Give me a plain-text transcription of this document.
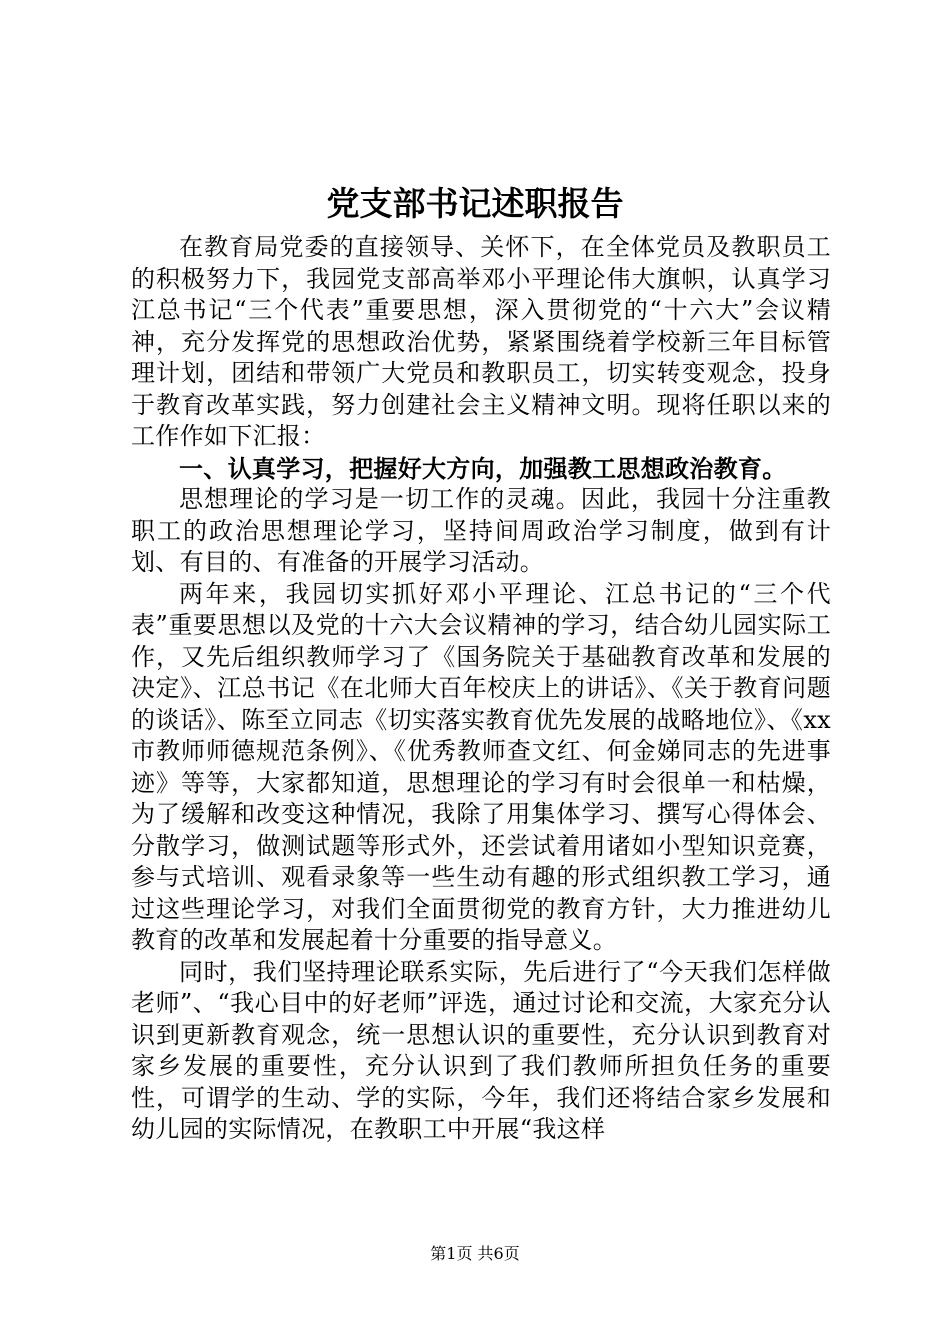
党支部书记述职报告

在教育局党委的直接领导、关怀下，在全体党员及教职员工的积极努力下，我园党支部高举邓小平理论伟大旗帜，认真学习江总书记“三个代表”重要思想，深入贯彻党的“十六大”会议精神，充分发挥党的思想政治优势，紧紧围绕着学校新三年目标管理计划，团结和带领广大党员和教职员工，切实转变观念，投身于教育改革实践，努力创建社会主义精神文明。现将任职以来的工作作如下汇报：

一、认真学习，把握好大方向，加强教工思想政治教育。

思想理论的学习是一切工作的灵魂。因此，我园十分注重教职工的政治思想理论学习，坚持间周政治学习制度，做到有计划、有目的、有准备的开展学习活动。

两年来，我园切实抓好邓小平理论、江总书记的“三个代表”重要思想以及党的十六大会议精神的学习，结合幼儿园实际工作，又先后组织教师学习了《国务院关于基础教育改革和发展的决定》、江总书记《在北师大百年校庆上的讲话》、《关于教育问题的谈话》、陈至立同志《切实落实教育优先发展的战略地位》、《xx市教师师德规范条例》、《优秀教师查文红、何金娣同志的先进事迹》等等，大家都知道，思想理论的学习有时会很单一和枯燥，为了缓解和改变这种情况，我除了用集体学习、撰写心得体会、分散学习，做测试题等形式外，还尝试着用诸如小型知识竞赛，参与式培训、观看录象等一些生动有趣的形式组织教工学习，通过这些理论学习，对我们全面贯彻党的教育方针，大力推进幼儿教育的改革和发展起着十分重要的指导意义。

同时，我们坚持理论联系实际，先后进行了“今天我们怎样做老师”、“我心目中的好老师”评选，通过讨论和交流，大家充分认识到更新教育观念，统一思想认识的重要性，充分认识到教育对家乡发展的重要性，充分认识到了我们教师所担负任务的重要性，可谓学的生动、学的实际，今年，我们还将结合家乡发展和幼儿园的实际情况，在教职工中开展“我这样

第1页 共6页
